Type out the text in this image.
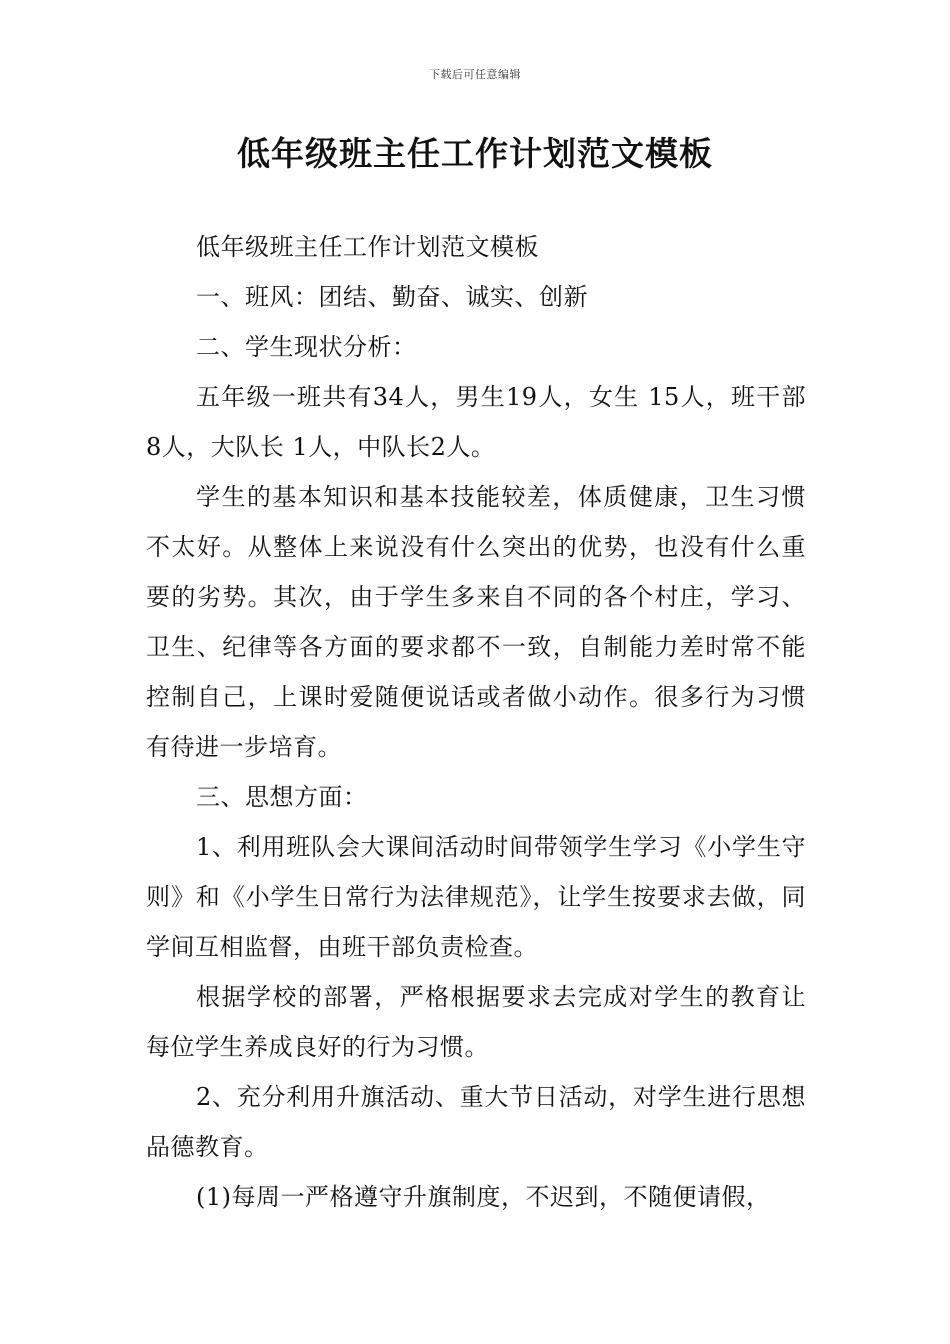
下载后可任意编辑
低年级班主任工作计划范文模板

低年级班主任工作计划范文模板

一、班风：团结、勤奋、诚实、创新

二、学生现状分析：

五年级一班共有34人，男生19人，女生 15人，班干部 8人，大队长 1人，中队长2人。

学生的基本知识和基本技能较差，体质健康，卫生习惯不太好。从整体上来说没有什么突出的优势，也没有什么重要的劣势。其次，由于学生多来自不同的各个村庄，学习、卫生、纪律等各方面的要求都不一致，自制能力差时常不能控制自己，上课时爱随便说话或者做小动作。很多行为习惯有待进一步培育。

三、思想方面：

1、利用班队会大课间活动时间带领学生学习《小学生守则》和《小学生日常行为法律规范》，让学生按要求去做，同学间互相监督，由班干部负责检查。

根据学校的部署，严格根据要求去完成对学生的教育让每位学生养成良好的行为习惯。

2、充分利用升旗活动、重大节日活动，对学生进行思想品德教育。

(1)每周一严格遵守升旗制度，不迟到，不随便请假，
